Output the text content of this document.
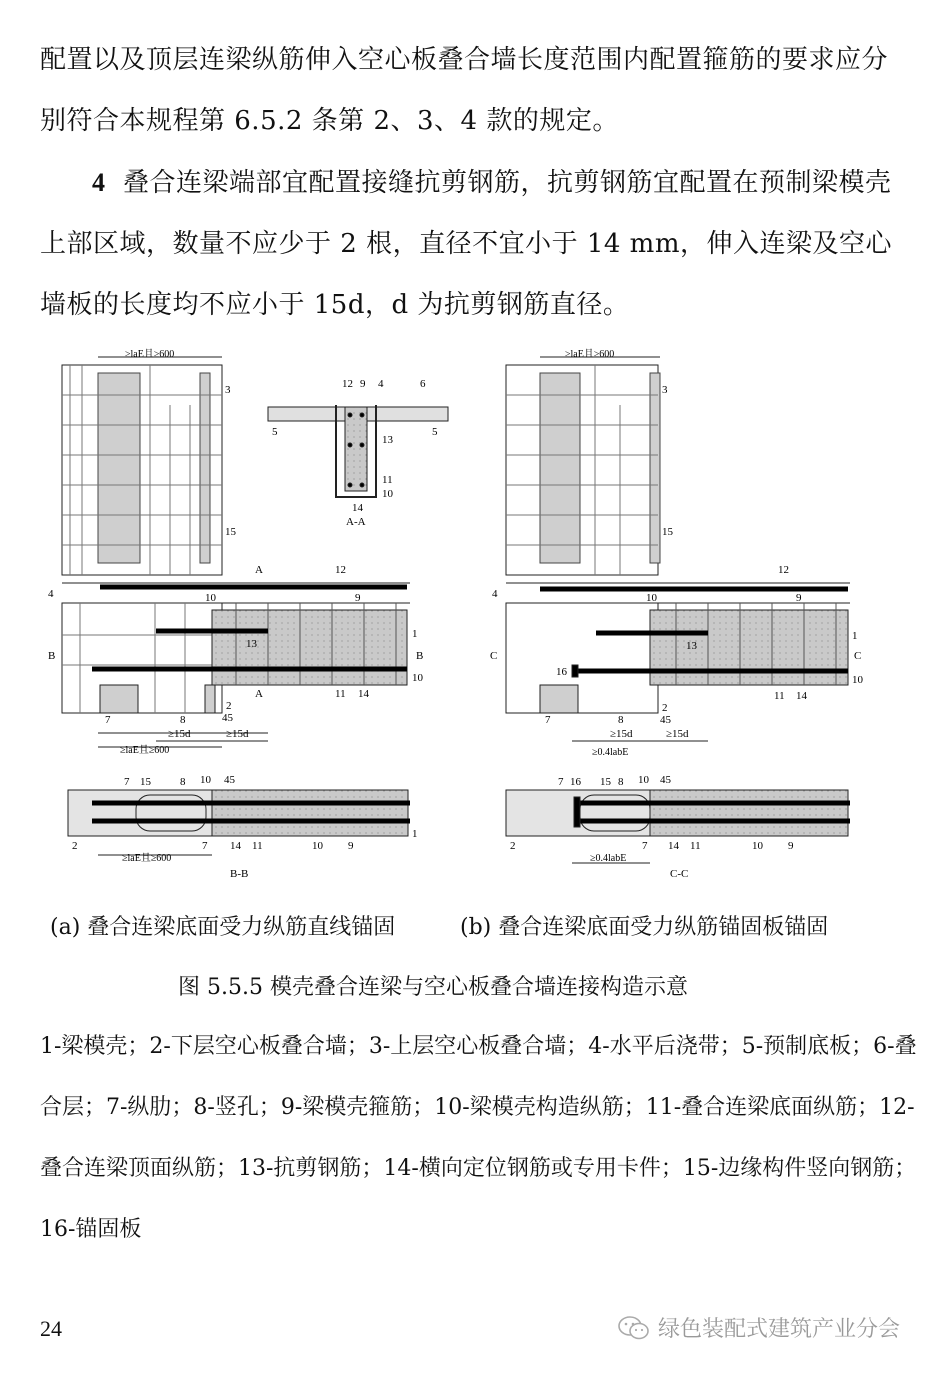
配置以及顶层连梁纵筋伸入空心板叠合墙长度范围内配置箍筋的要求应分别符合本规程第 6.5.2 条第 2、3、4 款的规定。
4 叠合连梁端部宜配置接缝抗剪钢筋，抗剪钢筋宜配置在预制梁模壳上部区域，数量不应少于 2 根，直径不宜小于 14 mm，伸入连梁及空心墙板的长度均不应小于 15d，d 为抗剪钢筋直径。
≥laE且≥600
3
15
4
B	B
A
A
12
10	9
1
13
10
11 14
7	8
2
45
≥15d	≥15d
≥laE且≥600
12 9 4	6
5	5
13
11
10
14
A-A
7 15	8 10 45
1
2	7 14 11	10 9
≥laE且≥600
B-B
≥laE且≥600
3
15
4
C	C
12
10	9
1
13
16
10
11 14
7	8
2
45
≥15d	≥15d
≥0.4labE
7 16 15 8 10 45
2	7 14 11	10 9
≥0.4labE
C-C
(a) 叠合连梁底面受力纵筋直线锚固	(b) 叠合连梁底面受力纵筋锚固板锚固
图 5.5.5 模壳叠合连梁与空心板叠合墙连接构造示意
1-梁模壳；2-下层空心板叠合墙；3-上层空心板叠合墙；4-水平后浇带；5-预制底板；6-叠合层；7-纵肋；8-竖孔；9-梁模壳箍筋；10-梁模壳构造纵筋；11-叠合连梁底面纵筋；12-叠合连梁顶面纵筋；13-抗剪钢筋；14-横向定位钢筋或专用卡件；15-边缘构件竖向钢筋；16-锚固板
24	绿色装配式建筑产业分会
